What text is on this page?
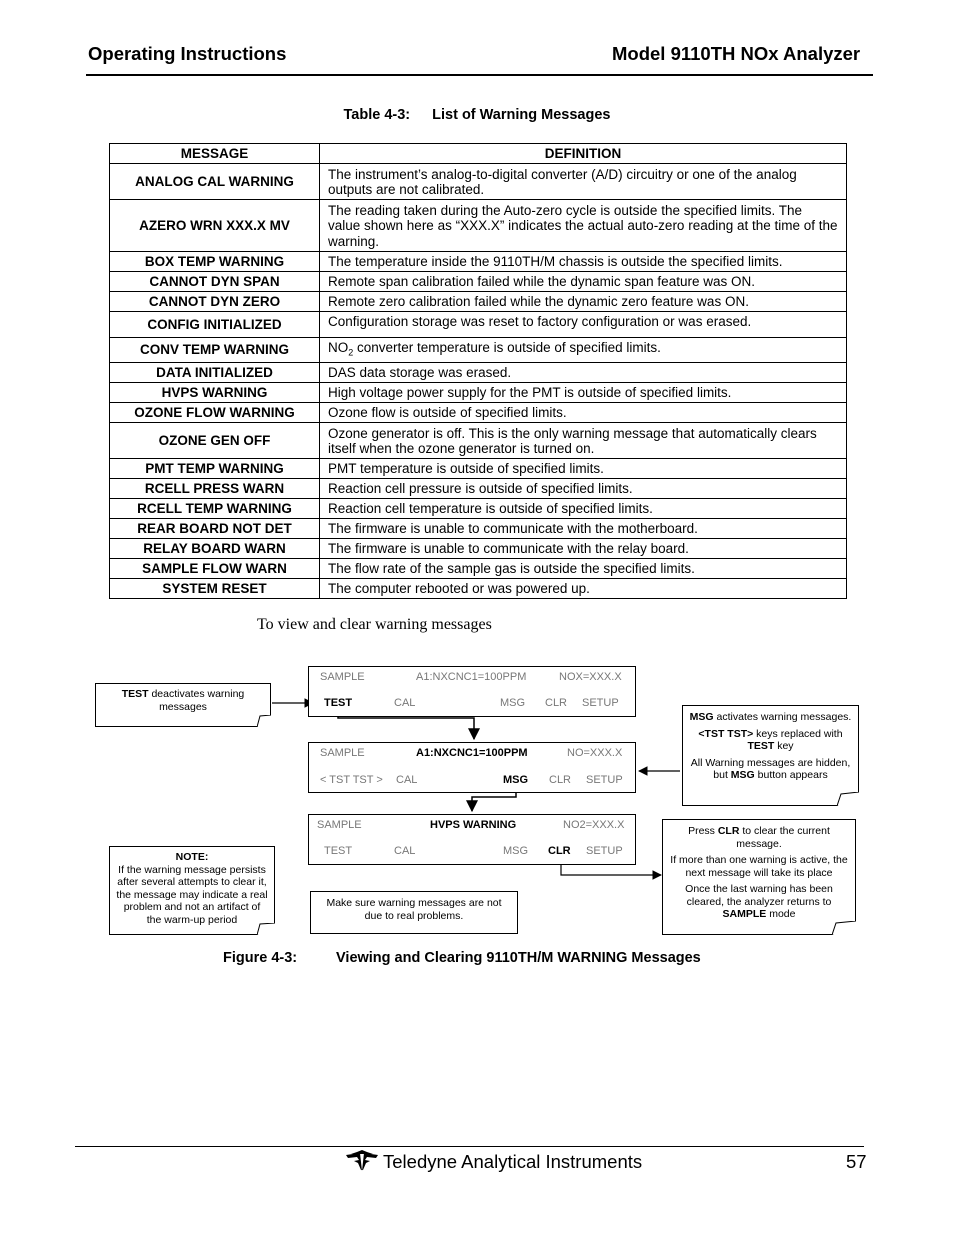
Operating Instructions	Model 9110TH NOx Analyzer
Table 4-3: List of Warning Messages
MESSAGE	DEFINITION
ANALOG CAL WARNING	The instrument’s analog-to-digital converter (A/D) circuitry or one of the analog outputs are not calibrated.
AZERO WRN XXX.X MV	The reading taken during the Auto-zero cycle is outside the specified limits. The value shown here as “XXX.X” indicates the actual auto-zero reading at the time of the warning.
BOX TEMP WARNING	The temperature inside the 9110TH/M chassis is outside the specified limits.
CANNOT DYN SPAN	Remote span calibration failed while the dynamic span feature was ON.
CANNOT DYN ZERO	Remote zero calibration failed while the dynamic zero feature was ON.
CONFIG INITIALIZED	Configuration storage was reset to factory configuration or was erased.
CONV TEMP WARNING	$NO_2$ converter temperature is outside of specified limits.
DATA INITIALIZED	DAS data storage was erased.
HVPS WARNING	High voltage power supply for the PMT is outside of specified limits.
OZONE FLOW WARNING	Ozone flow is outside of specified limits.
OZONE GEN OFF	Ozone generator is off. This is the only warning message that automatically clears itself when the ozone generator is turned on.
PMT TEMP WARNING	PMT temperature is outside of specified limits.
RCELL PRESS WARN	Reaction cell pressure is outside of specified limits.
RCELL TEMP WARNING	Reaction cell temperature is outside of specified limits.
REAR BOARD NOT DET	The firmware is unable to communicate with the motherboard.
RELAY BOARD WARN	The firmware is unable to communicate with the relay board.
SAMPLE FLOW WARN	The flow rate of the sample gas is outside the specified limits.
SYSTEM RESET	The computer rebooted or was powered up.
To view and clear warning messages
SAMPLE	A1:NXCNC1=100PPM	NOX=XXX.X
TEST	CAL	MSG CLR SETUP
SAMPLE	A1:NXCNC1=100PPM	NO=XXX.X
< TST TST > CAL	MSG CLR SETUP
SAMPLE	HVPS WARNING	NO2=XXX.X
TEST	CAL	MSG CLR SETUP

TEST deactivates warning messages

MSG activates warning messages.

<TST TST> keys replaced with TEST key

All Warning messages are hidden, but MSG button appears

Press CLR to clear the current message.

If more than one warning is active, the next message will take its place

Once the last warning has been cleared, the analyzer returns to SAMPLE mode

NOTE:

If the warning message persists after several attempts to clear it, the message may indicate a real problem and not an artifact of the warm-up period

Make sure warning messages are not due to real problems.

Figure 4-3:	Viewing and Clearing 9110TH/M WARNING Messages
Teledyne Analytical Instruments	57
